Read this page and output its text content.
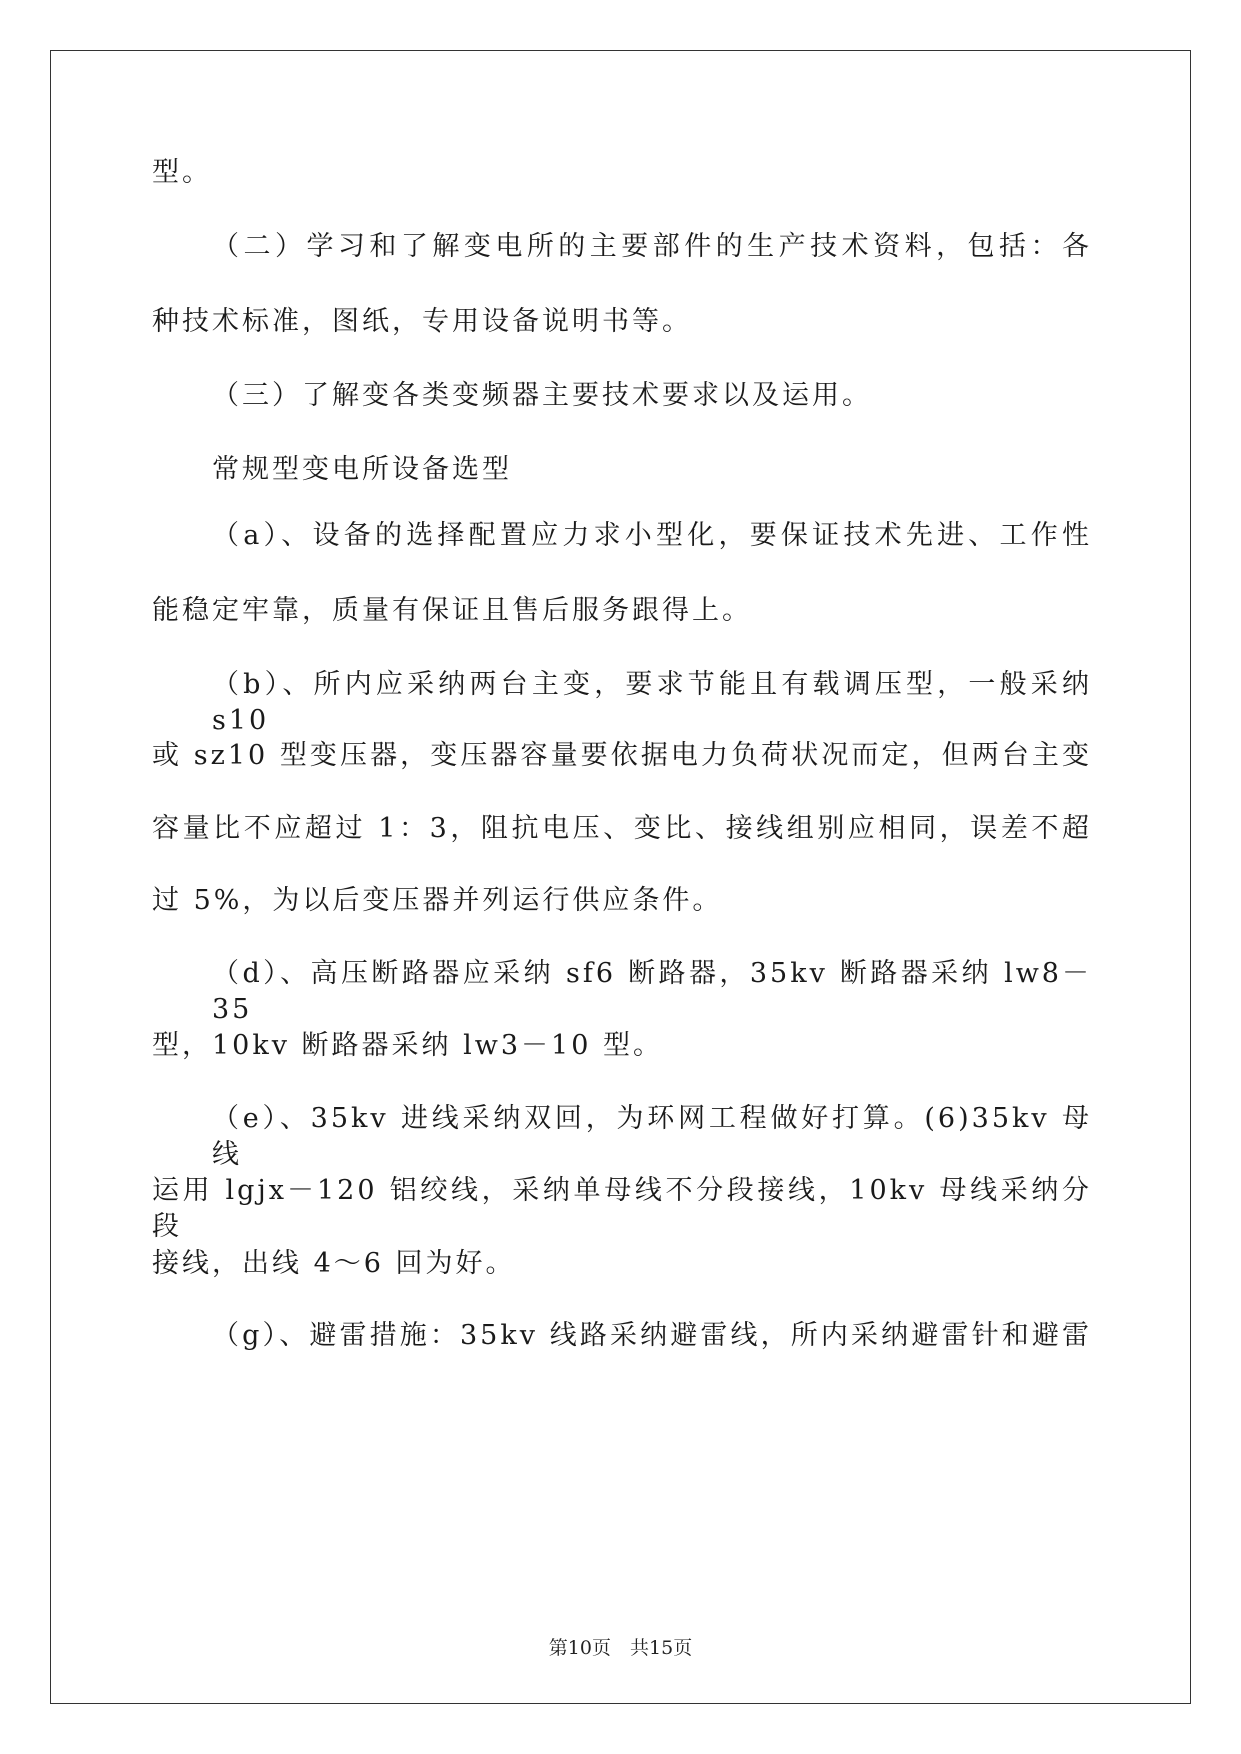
型。
（二）学习和了解变电所的主要部件的生产技术资料，包括：各
种技术标准，图纸，专用设备说明书等。
（三）了解变各类变频器主要技术要求以及运用。
常规型变电所设备选型
（a）、设备的选择配置应力求小型化，要保证技术先进、工作性
能稳定牢靠，质量有保证且售后服务跟得上。
（b）、所内应采纳两台主变，要求节能且有载调压型，一般采纳 s10
或 sz10 型变压器，变压器容量要依据电力负荷状况而定，但两台主变
容量比不应超过 1：3，阻抗电压、变比、接线组别应相同，误差不超
过 5%，为以后变压器并列运行供应条件。
（d）、高压断路器应采纳 sf6 断路器，35kv 断路器采纳 lw8－35
型，10kv 断路器采纳 lw3－10 型。
（e）、35kv 进线采纳双回，为环网工程做好打算。(6)35kv 母线
运用 lgjx－120 铝绞线，采纳单母线不分段接线，10kv 母线采纳分段
接线，出线 4～6 回为好。
（g）、避雷措施：35kv 线路采纳避雷线，所内采纳避雷针和避雷
第10页　共15页
